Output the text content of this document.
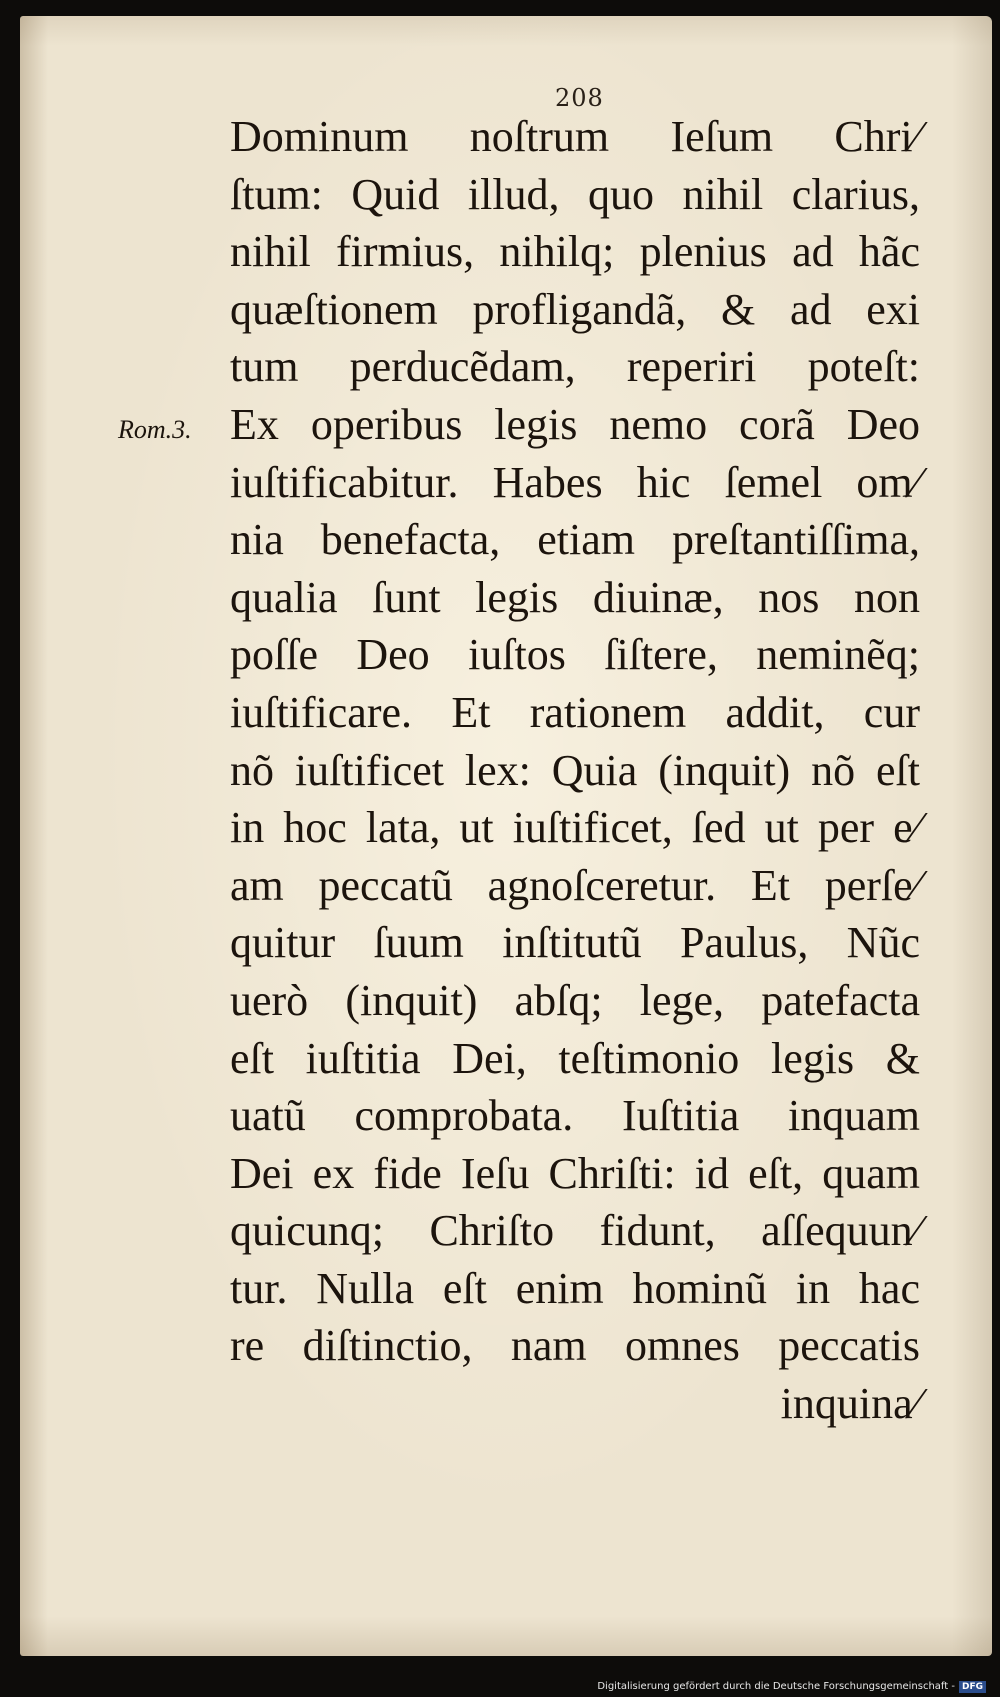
208
Rom.3.
Dominum noſtrum Ieſum Chri⁄
ſtum: Quid illud, quo nihil clarius,
nihil firmius, nihilq; plenius ad hãc
quæſtionem profligandã, & ad exi
tum perducẽdam, reperiri poteſt:
Ex operibus legis nemo corã Deo
iuſtificabitur. Habes hic ſemel om⁄
nia benefacta, etiam preſtantiſſima,
qualia ſunt legis diuinæ, nos non
poſſe Deo iuſtos ſiſtere, neminẽq;
iuſtificare. Et rationem addit, cur
nõ iuſtificet lex: Quia (inquit) nõ eſt
in hoc lata, ut iuſtificet, ſed ut per e⁄
am peccatũ agnoſceretur. Et perſe⁄
quitur ſuum inſtitutũ Paulus, Nũc
uerò (inquit) abſq; lege, patefacta
eſt iuſtitia Dei, teſtimonio legis &
uatũ comprobata. Iuſtitia inquam
Dei ex fide Ieſu Chriſti: id eſt, quam
quicunq; Chriſto fidunt, aſſequun⁄
tur. Nulla eſt enim hominũ in hac
re diſtinctio, nam omnes peccatis
inquina⁄
Digitalisierung gefördert durch die Deutsche Forschungsgemeinschaft - DFG
